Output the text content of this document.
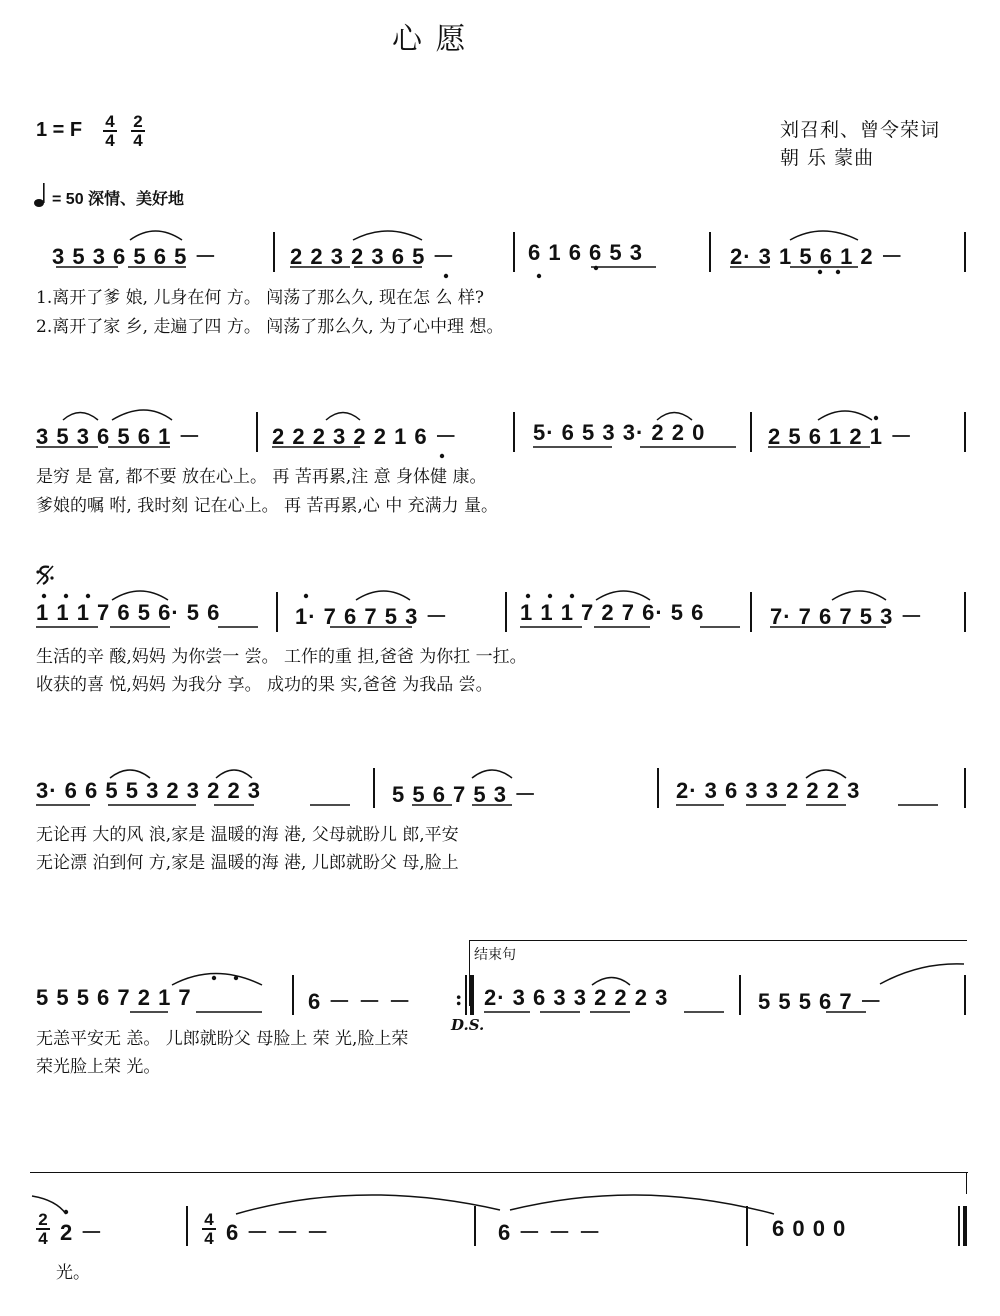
心 愿
1 = F $\frac{4}{4} \frac{2}{4}$	刘召利、曾令荣词
朝 乐 蒙曲
= 50 深情、美好地
3 5 3 6 5 6 5 －	2 2 3 2 3 6 5 －	6 1 6 6 5 3	2· 3 1 5 6 1 2 －
1.离开了爹 娘, 儿身在何 方。 闯荡了那么久, 现在怎 么 样?
2.离开了家 乡, 走遍了四 方。 闯荡了那么久, 为了心中理 想。
3 5 3 6 5 6 1 －	2 2 2 3 2 2 1 6 －	5· 6 5 3 3· 2 2 0	2 5 6 1 2 1 －
是穷 是 富, 都不要 放在心上。 再 苦再累,注 意 身体健 康。
爹娘的嘱 咐, 我时刻 记在心上。 再 苦再累,心 中 充满力 量。
1 1 1 7 6 5 6· 5 6	1· 7 6 7 5 3 －	1 1 1 7 2 7 6· 5 6	7· 7 6 7 5 3 －
生活的辛 酸,妈妈 为你尝一 尝。 工作的重 担,爸爸 为你扛 一扛。
收获的喜 悦,妈妈 为我分 享。 成功的果 实,爸爸 为我品 尝。
3· 6 6 5 5 3 2 3 2 2 3	5 5 6 7 5 3 －	2· 3 6 3 3 2 2 2 3
无论再 大的风 浪,家是 温暖的海 港, 父母就盼儿 郎,平安
无论漂 泊到何 方,家是 温暖的海 港, 儿郎就盼父 母,脸上
结束句
5 5 5 6 7 2 1 7	6 － － － : 2· 3 6 3 3 2 2 2 3	5 5 5 6 7 －
D.S.
无恙平安无 恙。 儿郎就盼父 母脸上 荣 光,脸上荣
荣光脸上荣 光。
$\frac{2}{4} 2$ －	$\frac{4}{4} 6$ － － －	6 － － －	6 0 0 0
光。
